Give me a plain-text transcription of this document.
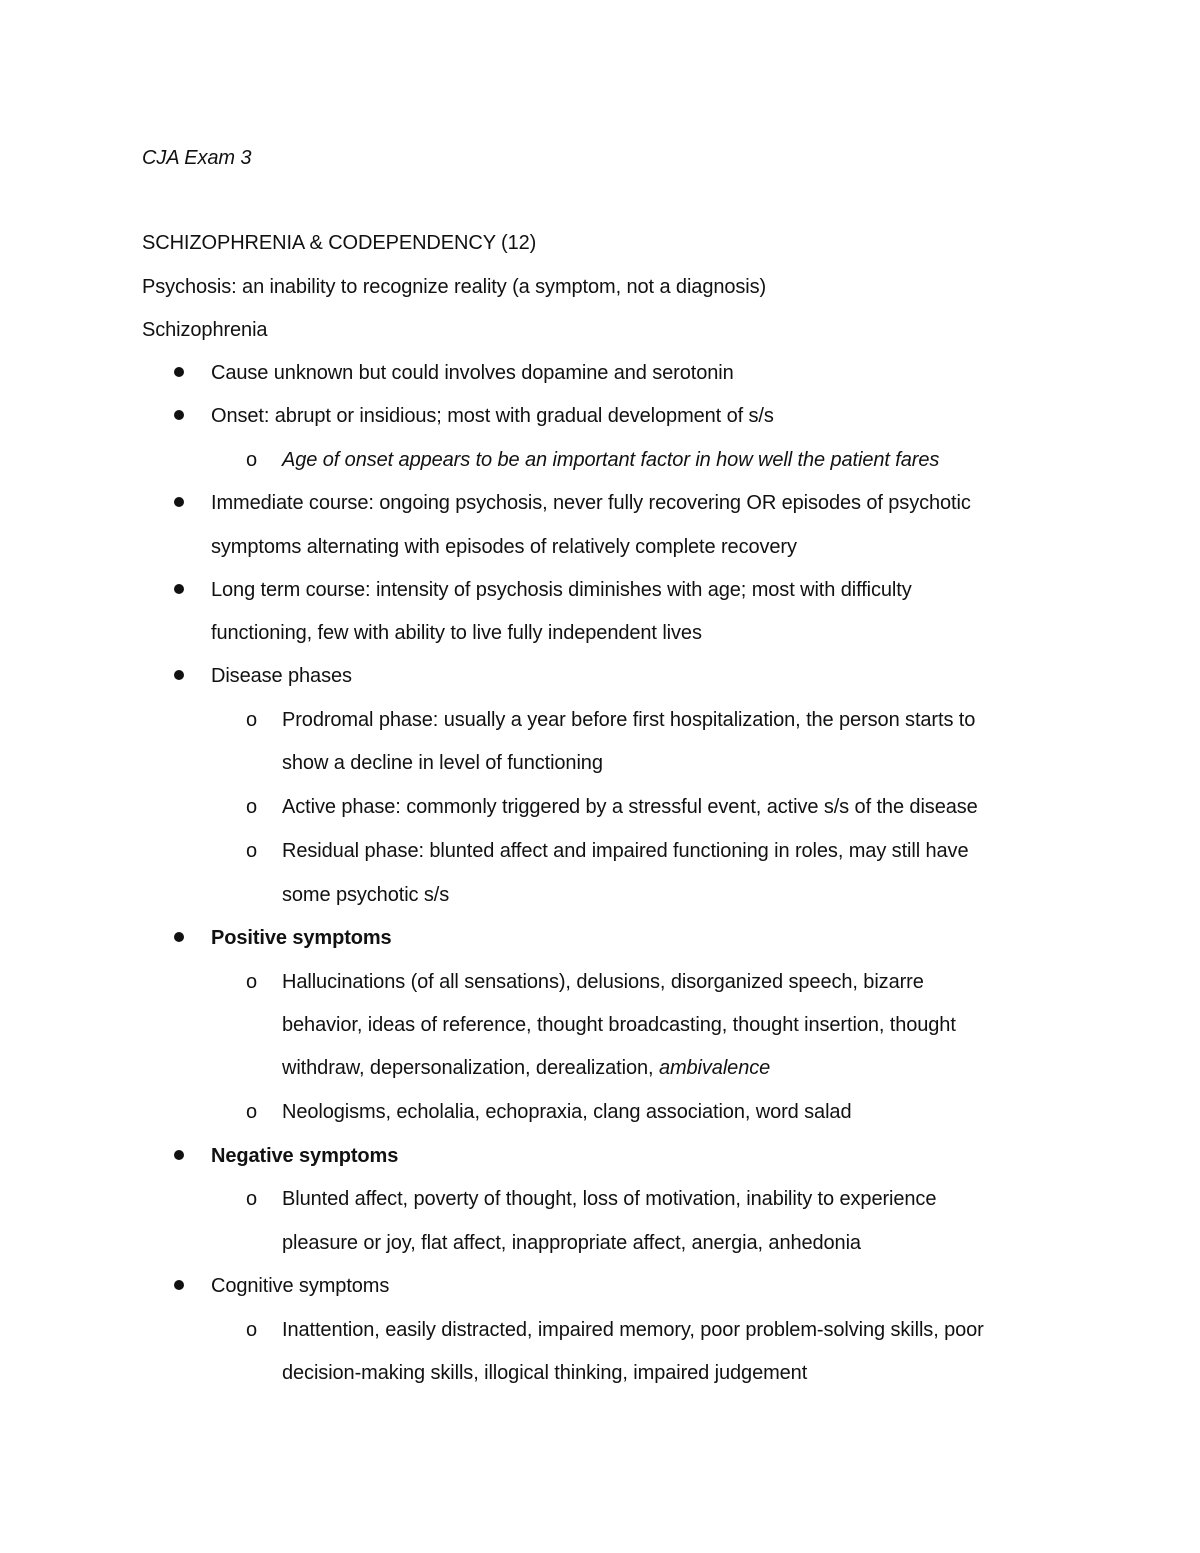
CJA Exam 3
SCHIZOPHRENIA & CODEPENDENCY (12)
Psychosis: an inability to recognize reality (a symptom, not a diagnosis)
Schizophrenia
Cause unknown but could involves dopamine and serotonin
Onset: abrupt or insidious; most with gradual development of s/s
o Age of onset appears to be an important factor in how well the patient fares
Immediate course: ongoing psychosis, never fully recovering OR episodes of psychotic
symptoms alternating with episodes of relatively complete recovery
Long term course: intensity of psychosis diminishes with age; most with difficulty
functioning, few with ability to live fully independent lives
Disease phases
o Prodromal phase: usually a year before first hospitalization, the person starts to
show a decline in level of functioning
o Active phase: commonly triggered by a stressful event, active s/s of the disease
o Residual phase: blunted affect and impaired functioning in roles, may still have
some psychotic s/s
Positive symptoms
o Hallucinations (of all sensations), delusions, disorganized speech, bizarre
behavior, ideas of reference, thought broadcasting, thought insertion, thought
withdraw, depersonalization, derealization, ambivalence
o Neologisms, echolalia, echopraxia, clang association, word salad
Negative symptoms
o Blunted affect, poverty of thought, loss of motivation, inability to experience
pleasure or joy, flat affect, inappropriate affect, anergia, anhedonia
Cognitive symptoms
o Inattention, easily distracted, impaired memory, poor problem-solving skills, poor
decision-making skills, illogical thinking, impaired judgement
